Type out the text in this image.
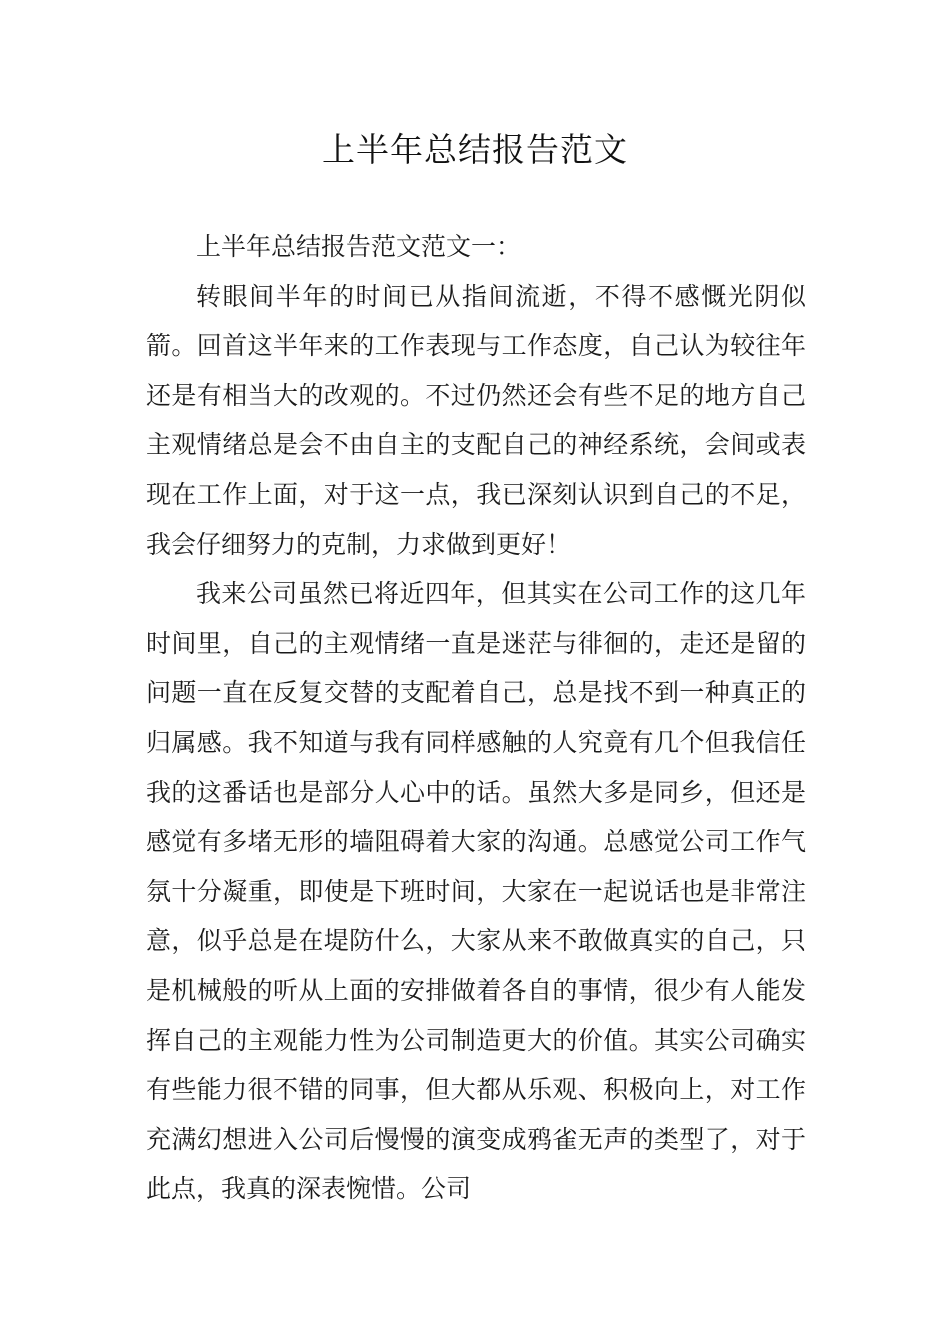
上半年总结报告范文

上半年总结报告范文范文一：

转眼间半年的时间已从指间流逝，不得不感慨光阴似箭。回首这半年来的工作表现与工作态度，自己认为较往年还是有相当大的改观的。不过仍然还会有些不足的地方自己主观情绪总是会不由自主的支配自己的神经系统，会间或表现在工作上面，对于这一点，我已深刻认识到自己的不足，我会仔细努力的克制，力求做到更好！

我来公司虽然已将近四年，但其实在公司工作的这几年时间里，自己的主观情绪一直是迷茫与徘徊的，走还是留的问题一直在反复交替的支配着自己，总是找不到一种真正的归属感。我不知道与我有同样感触的人究竟有几个但我信任我的这番话也是部分人心中的话。虽然大多是同乡，但还是感觉有多堵无形的墙阻碍着大家的沟通。总感觉公司工作气氛十分凝重，即使是下班时间，大家在一起说话也是非常注意，似乎总是在堤防什么，大家从来不敢做真实的自己，只是机械般的听从上面的安排做着各自的事情，很少有人能发挥自己的主观能力性为公司制造更大的价值。其实公司确实有些能力很不错的同事，但大都从乐观、积极向上，对工作充满幻想进入公司后慢慢的演变成鸦雀无声的类型了，对于此点，我真的深表惋惜。公司
